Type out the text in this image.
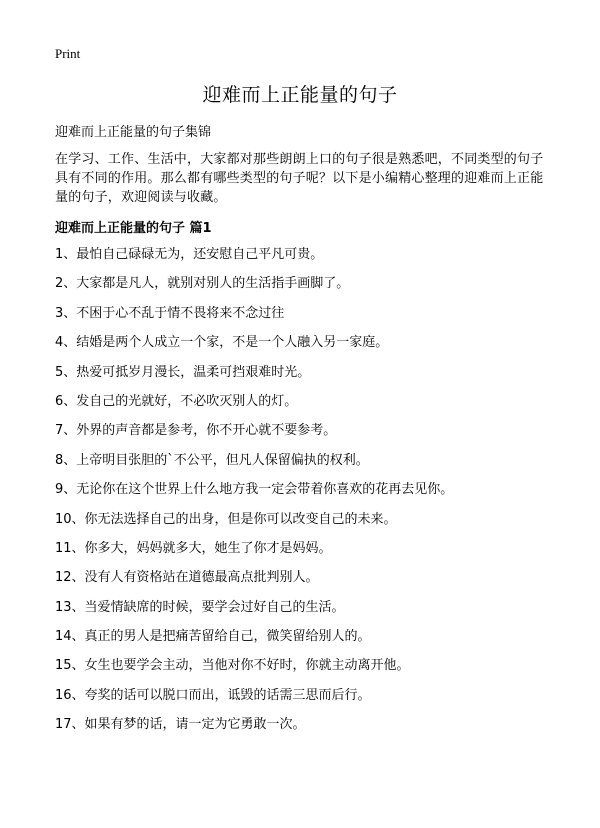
Print
迎难而上正能量的句子
迎难而上正能量的句子集锦
在学习、工作、生活中，大家都对那些朗朗上口的句子很是熟悉吧，不同类型的句子具有不同的作用。那么都有哪些类型的句子呢？以下是小编精心整理的迎难而上正能量的句子，欢迎阅读与收藏。
迎难而上正能量的句子 篇1
1、最怕自己碌碌无为，还安慰自己平凡可贵。
2、大家都是凡人，就别对别人的生活指手画脚了。
3、不困于心不乱于情不畏将来不念过往
4、结婚是两个人成立一个家，不是一个人融入另一家庭。
5、热爱可抵岁月漫长，温柔可挡艰难时光。
6、发自己的光就好，不必吹灭别人的灯。
7、外界的声音都是参考，你不开心就不要参考。
8、上帝明目张胆的`不公平，但凡人保留偏执的权利。
9、无论你在这个世界上什么地方我一定会带着你喜欢的花再去见你。
10、你无法选择自己的出身，但是你可以改变自己的未来。
11、你多大，妈妈就多大，她生了你才是妈妈。
12、没有人有资格站在道德最高点批判别人。
13、当爱情缺席的时候，要学会过好自己的生活。
14、真正的男人是把痛苦留给自己，微笑留给别人的。
15、女生也要学会主动，当他对你不好时，你就主动离开他。
16、夸奖的话可以脱口而出，诋毁的话需三思而后行。
17、如果有梦的话，请一定为它勇敢一次。
